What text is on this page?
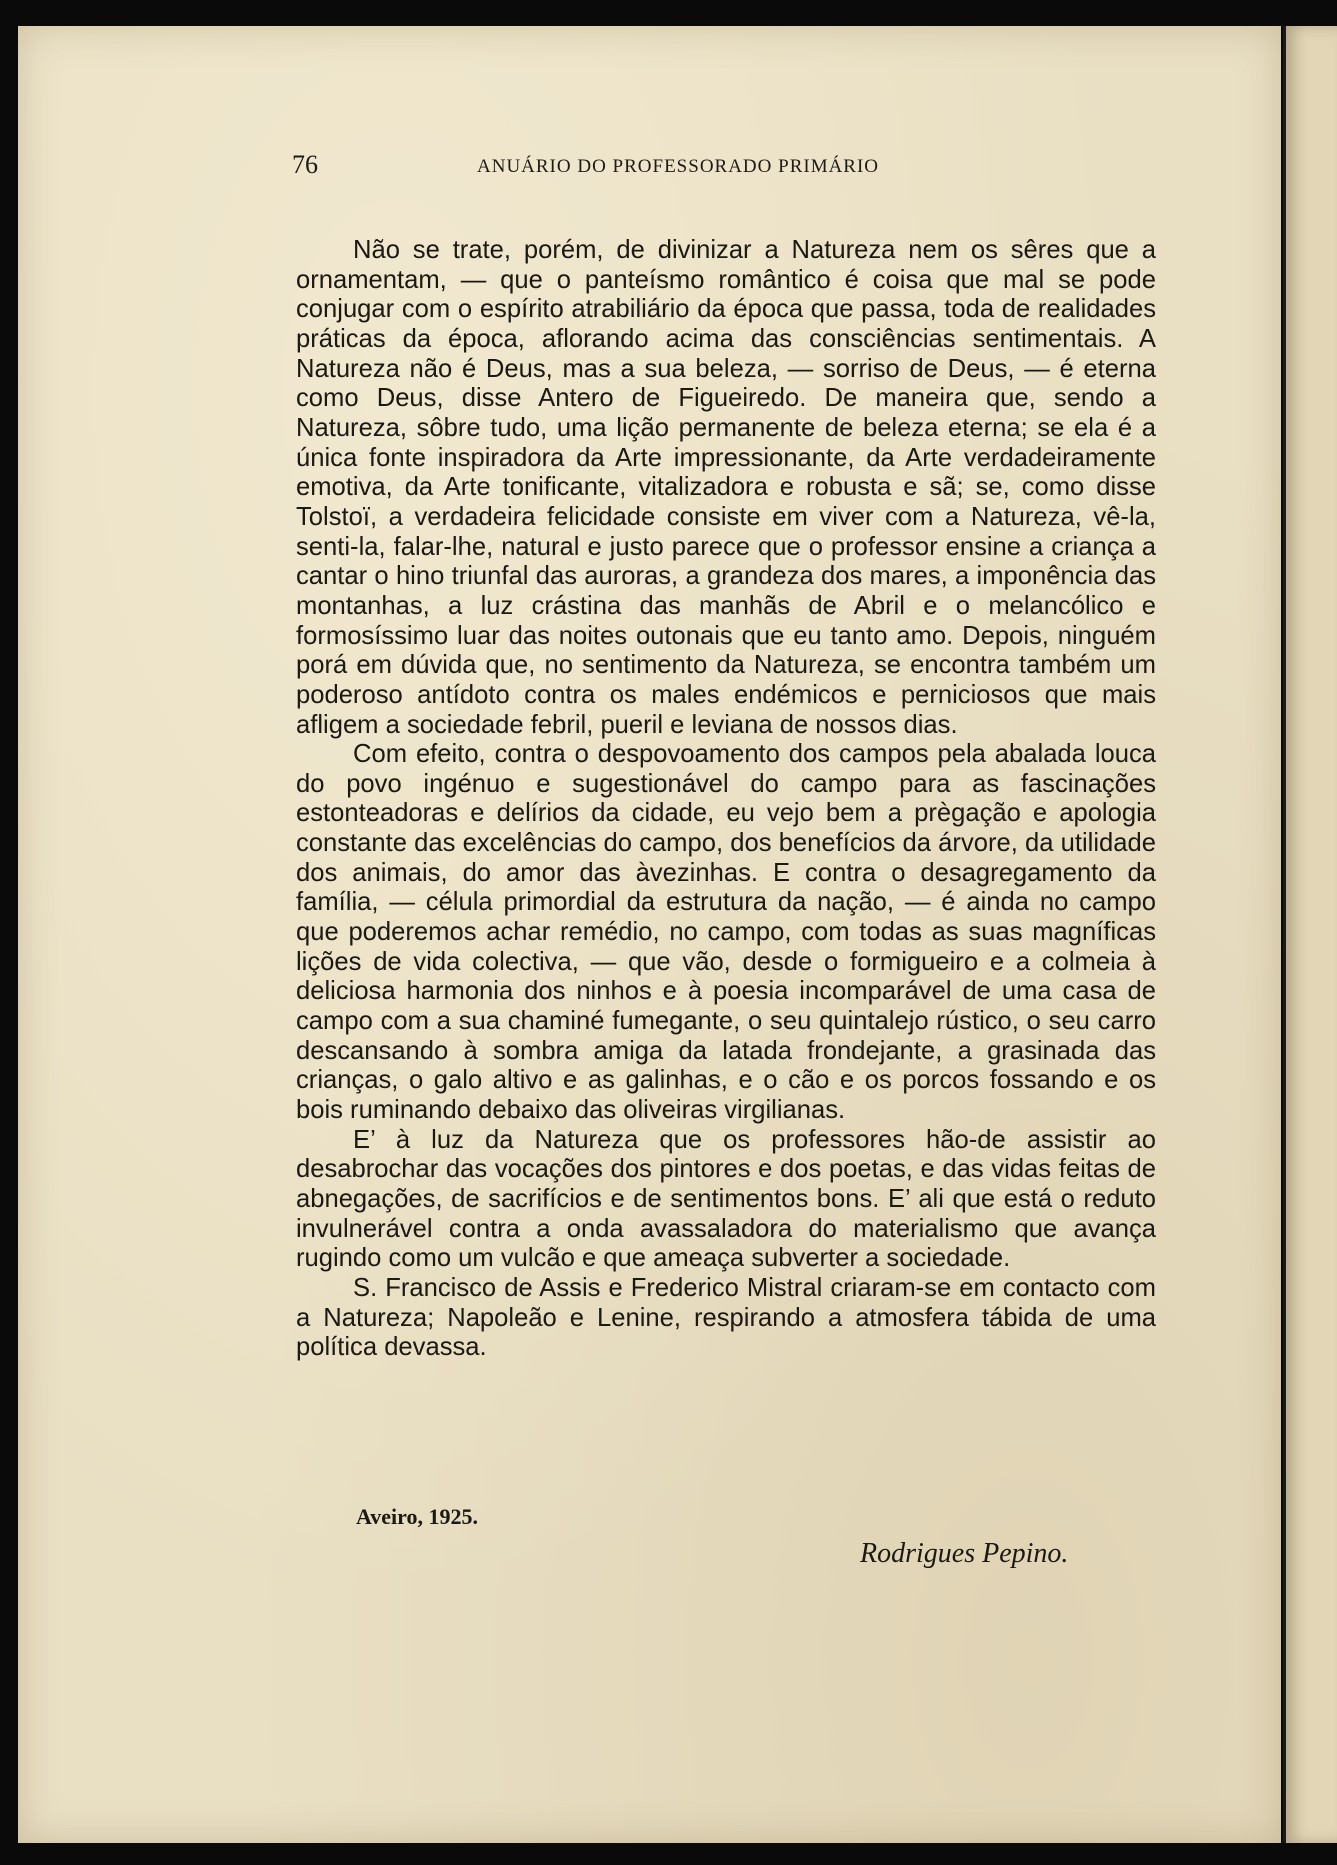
76	ANUÁRIO DO PROFESSORADO PRIMÁRIO

Não se trate, porém, de divinizar a Natureza nem os sêres que a ornamentam, — que o panteísmo romântico é coisa que mal se pode conjugar com o espírito atrabiliário da época que passa, toda de realidades práticas da época, aflorando acima das consciências sentimentais. A Natureza não é Deus, mas a sua beleza, — sorriso de Deus, — é eterna como Deus, disse Antero de Figueiredo. De maneira que, sendo a Natureza, sôbre tudo, uma lição permanente de beleza eterna; se ela é a única fonte inspiradora da Arte impressionante, da Arte verdadeiramente emotiva, da Arte tonificante, vitalizadora e robusta e sã; se, como disse Tolstoï, a verdadeira felicidade consiste em viver com a Natureza, vê-la, senti-la, falar-lhe, natural e justo parece que o professor ensine a criança a cantar o hino triunfal das auroras, a grandeza dos mares, a imponência das montanhas, a luz crástina das manhãs de Abril e o melancólico e formosíssimo luar das noites outonais que eu tanto amo. Depois, ninguém porá em dúvida que, no sentimento da Natureza, se encontra também um poderoso antídoto contra os males endémicos e perniciosos que mais afligem a sociedade febril, pueril e leviana de nossos dias.

Com efeito, contra o despovoamento dos campos pela abalada louca do povo ingénuo e sugestionável do campo para as fascinações estonteadoras e delírios da cidade, eu vejo bem a prègação e apologia constante das excelências do campo, dos benefícios da árvore, da utilidade dos animais, do amor das àvezinhas. E contra o desagregamento da família, — célula primordial da estrutura da nação, — é ainda no campo que poderemos achar remédio, no campo, com todas as suas magníficas lições de vida colectiva, — que vão, desde o formigueiro e a colmeia à deliciosa harmonia dos ninhos e à poesia incomparável de uma casa de campo com a sua chaminé fumegante, o seu quintalejo rústico, o seu carro descansando à sombra amiga da latada frondejante, a grasinada das crianças, o galo altivo e as galinhas, e o cão e os porcos fossando e os bois ruminando debaixo das oliveiras virgilianas.

E’ à luz da Natureza que os professores hão-de assistir ao desabrochar das vocações dos pintores e dos poetas, e das vidas feitas de abnegações, de sacrifícios e de sentimentos bons. E’ ali que está o reduto invulnerável contra a onda avassaladora do materialismo que avança rugindo como um vulcão e que ameaça subverter a sociedade.

S. Francisco de Assis e Frederico Mistral criaram-se em contacto com a Natureza; Napoleão e Lenine, respirando a atmosfera tábida de uma política devassa.

Aveiro, 1925.
Rodrigues Pepino.
